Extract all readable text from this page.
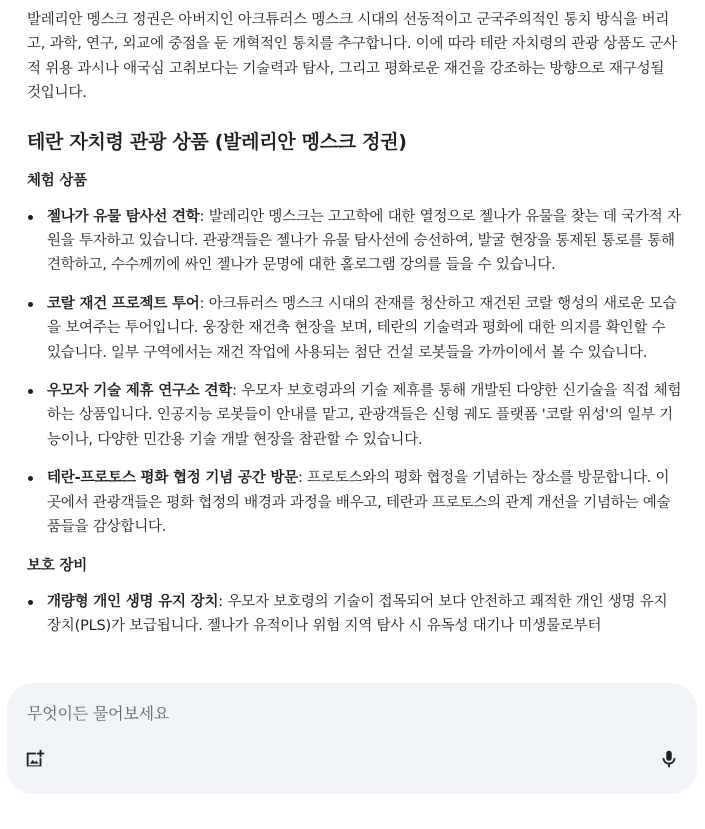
발레리안 멩스크 정권은 아버지인 아크튜러스 멩스크 시대의 선동적이고 군국주의적인 통치 방식을 버리고, 과학, 연구, 외교에 중점을 둔 개혁적인 통치를 추구합니다. 이에 따라 테란 자치령의 관광 상품도 군사적 위용 과시나 애국심 고취보다는 기술력과 탐사, 그리고 평화로운 재건을 강조하는 방향으로 재구성될 것입니다.

테란 자치령 관광 상품 (발레리안 멩스크 정권)
체험 상품
젤나가 유물 탐사선 견학: 발레리안 멩스크는 고고학에 대한 열정으로 젤나가 유물을 찾는 데 국가적 자원을 투자하고 있습니다. 관광객들은 젤나가 유물 탐사선에 승선하여, 발굴 현장을 통제된 통로를 통해 견학하고, 수수께끼에 싸인 젤나가 문명에 대한 홀로그램 강의를 들을 수 있습니다.
코랄 재건 프로젝트 투어: 아크튜러스 멩스크 시대의 잔재를 청산하고 재건된 코랄 행성의 새로운 모습을 보여주는 투어입니다. 웅장한 재건축 현장을 보며, 테란의 기술력과 평화에 대한 의지를 확인할 수 있습니다. 일부 구역에서는 재건 작업에 사용되는 첨단 건설 로봇들을 가까이에서 볼 수 있습니다.
우모자 기술 제휴 연구소 견학: 우모자 보호령과의 기술 제휴를 통해 개발된 다양한 신기술을 직접 체험하는 상품입니다. 인공지능 로봇들이 안내를 맡고, 관광객들은 신형 궤도 플랫폼 '코랄 위성'의 일부 기능이나, 다양한 민간용 기술 개발 현장을 참관할 수 있습니다.
테란-프로토스 평화 협정 기념 공간 방문: 프로토스와의 평화 협정을 기념하는 장소를 방문합니다. 이 곳에서 관광객들은 평화 협정의 배경과 과정을 배우고, 테란과 프로토스의 관계 개선을 기념하는 예술품들을 감상합니다.
보호 장비
개량형 개인 생명 유지 장치: 우모자 보호령의 기술이 접목되어 보다 안전하고 쾌적한 개인 생명 유지 장치(PLS)가 보급됩니다. 젤나가 유적이나 위험 지역 탐사 시 유독성 대기나 미생물로부터
무엇이든 물어보세요
